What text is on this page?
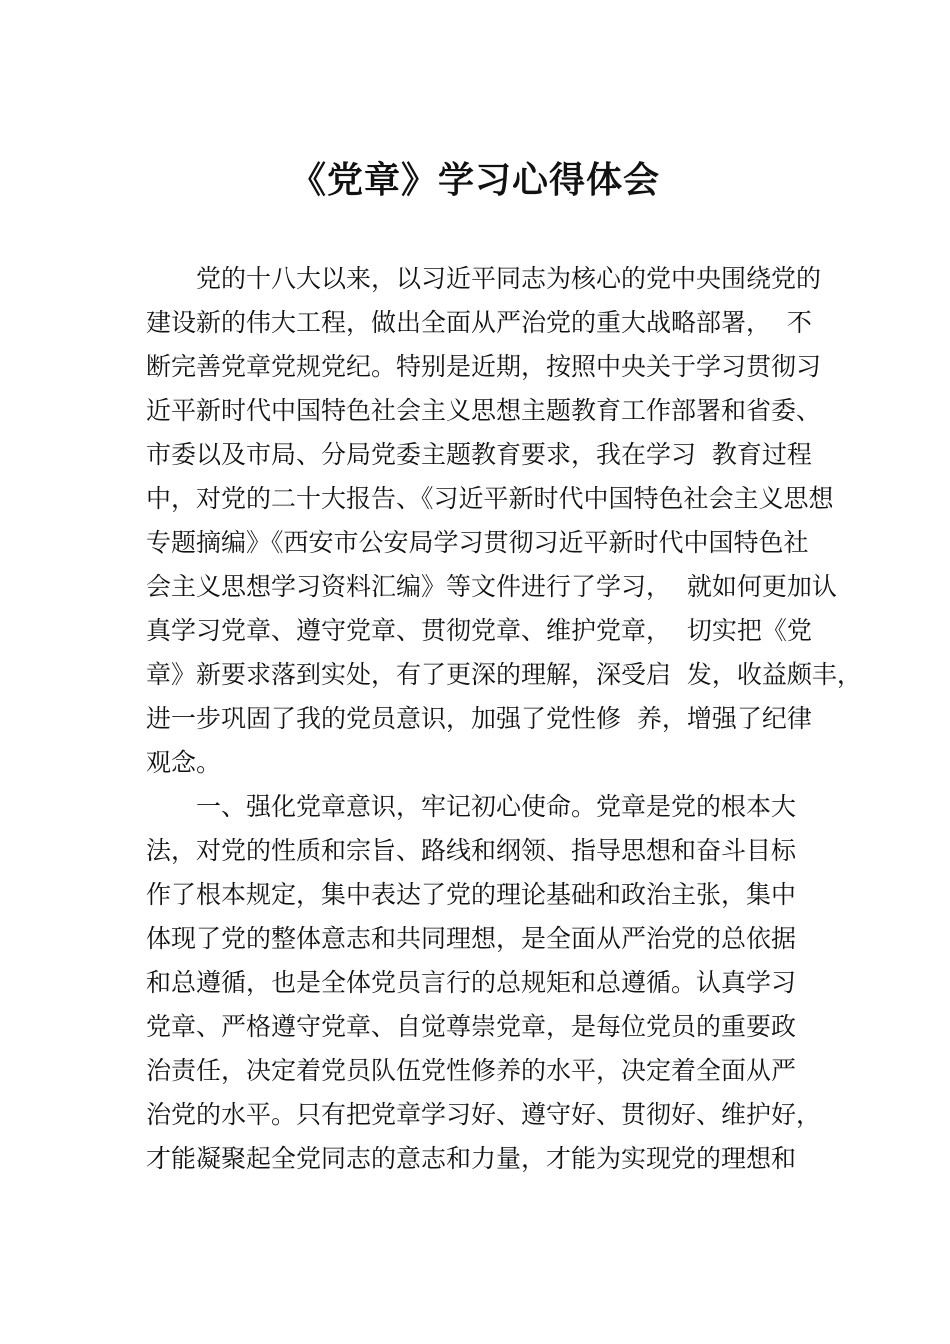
《党章》学习心得体会
　　党的十八大以来，以习近平同志为核心的党中央围绕党的
建设新的伟大工程，做出全面从严治党的重大战略部署，  不
断完善党章党规党纪。特别是近期，按照中央关于学习贯彻习
近平新时代中国特色社会主义思想主题教育工作部署和省委、
市委以及市局、分局党委主题教育要求，我在学习  教育过程
中，对党的二十大报告、《习近平新时代中国特色社会主义思想
专题摘编》《西安市公安局学习贯彻习近平新时代中国特色社
会主义思想学习资料汇编》等文件进行了学习，  就如何更加认
真学习党章、遵守党章、贯彻党章、维护党章，  切实把《党
章》新要求落到实处，有了更深的理解，深受启  发，收益颇丰，
进一步巩固了我的党员意识，加强了党性修  养，增强了纪律
观念。
　　一、强化党章意识，牢记初心使命。党章是党的根本大
法，对党的性质和宗旨、路线和纲领、指导思想和奋斗目标
作了根本规定，集中表达了党的理论基础和政治主张，集中
体现了党的整体意志和共同理想，是全面从严治党的总依据
和总遵循，也是全体党员言行的总规矩和总遵循。认真学习
党章、严格遵守党章、自觉尊崇党章，是每位党员的重要政
治责任，决定着党员队伍党性修养的水平，决定着全面从严
治党的水平。只有把党章学习好、遵守好、贯彻好、维护好，
才能凝聚起全党同志的意志和力量，才能为实现党的理想和
